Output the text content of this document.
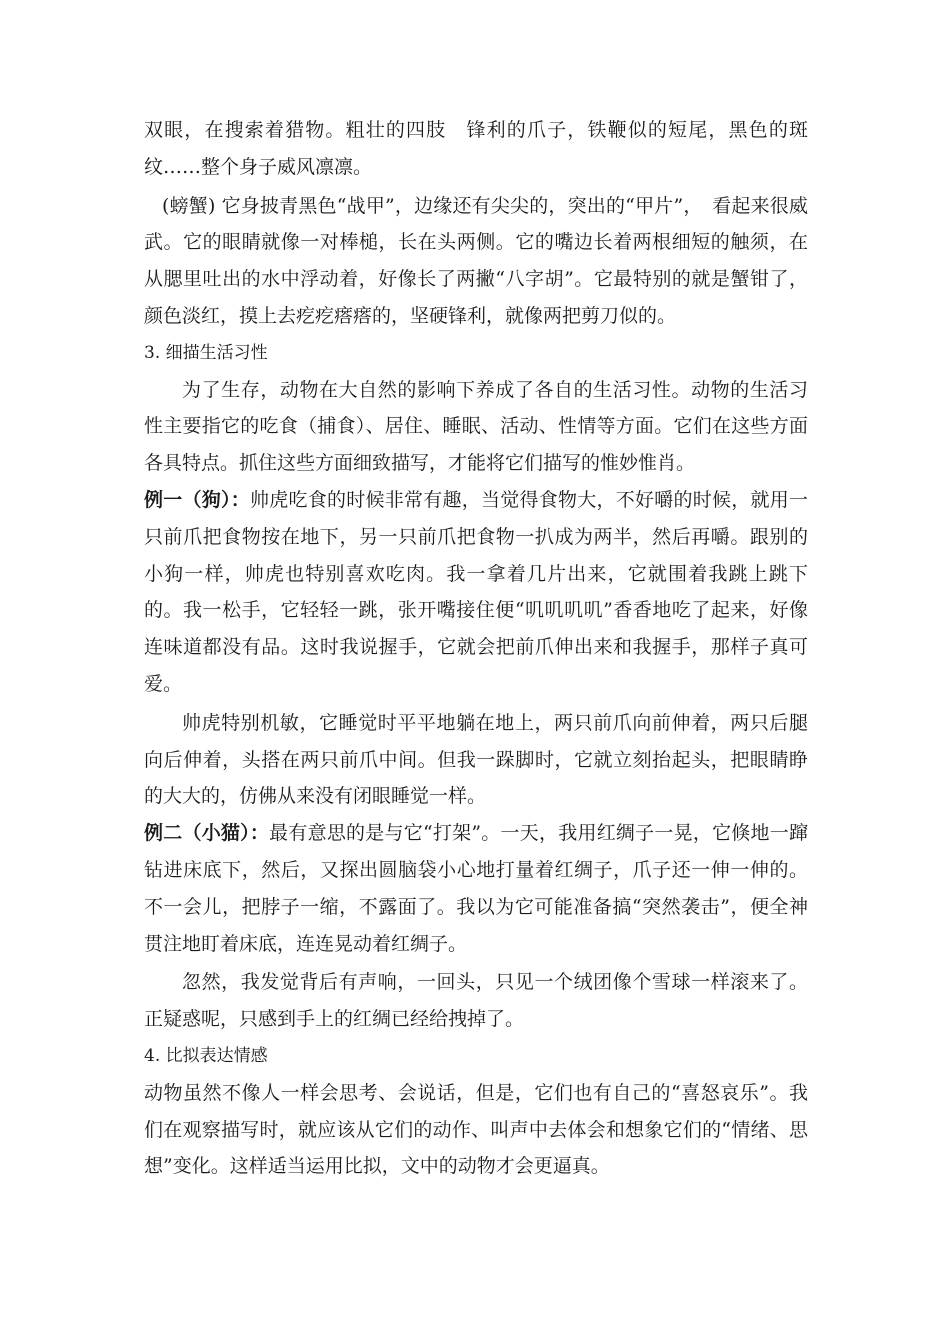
双眼，在搜索着猎物。粗壮的四肢　锋利的爪子，铁鞭似的短尾，黑色的斑纹……整个身子威风凛凛。

(螃蟹) 它身披青黑色“战甲”，边缘还有尖尖的，突出的“甲片”，　看起来很威武。它的眼睛就像一对棒槌，长在头两侧。它的嘴边长着两根细短的触须，在从腮里吐出的水中浮动着，好像长了两撇“八字胡”。它最特别的就是蟹钳了，颜色淡红，摸上去疙疙瘩瘩的，坚硬锋利，就像两把剪刀似的。

3. 细描生活习性

为了生存，动物在大自然的影响下养成了各自的生活习性。动物的生活习性主要指它的吃食（捕食）、居住、睡眠、活动、性情等方面。它们在这些方面各具特点。抓住这些方面细致描写，才能将它们描写的惟妙惟肖。

例一（狗）：帅虎吃食的时候非常有趣，当觉得食物大，不好嚼的时候，就用一只前爪把食物按在地下，另一只前爪把食物一扒成为两半，然后再嚼。跟别的小狗一样，帅虎也特别喜欢吃肉。我一拿着几片出来，它就围着我跳上跳下的。我一松手，它轻轻一跳，张开嘴接住便“叽叽叽叽”香香地吃了起来，好像连味道都没有品。这时我说握手，它就会把前爪伸出来和我握手，那样子真可爱。

帅虎特别机敏，它睡觉时平平地躺在地上，两只前爪向前伸着，两只后腿向后伸着，头搭在两只前爪中间。但我一跺脚时，它就立刻抬起头，把眼睛睁的大大的，仿佛从来没有闭眼睡觉一样。

例二（小猫）：最有意思的是与它“打架”。一天，我用红绸子一晃，它倏地一蹿钻进床底下，然后，又探出圆脑袋小心地打量着红绸子，爪子还一伸一伸的。不一会儿，把脖子一缩，不露面了。我以为它可能准备搞“突然袭击”，便全神贯注地盯着床底，连连晃动着红绸子。

忽然，我发觉背后有声响，一回头，只见一个绒团像个雪球一样滚来了。正疑惑呢，只感到手上的红绸已经给拽掉了。

4. 比拟表达情感

动物虽然不像人一样会思考、会说话，但是，它们也有自己的“喜怒哀乐”。我们在观察描写时，就应该从它们的动作、叫声中去体会和想象它们的“情绪、思想”变化。这样适当运用比拟，文中的动物才会更逼真。
